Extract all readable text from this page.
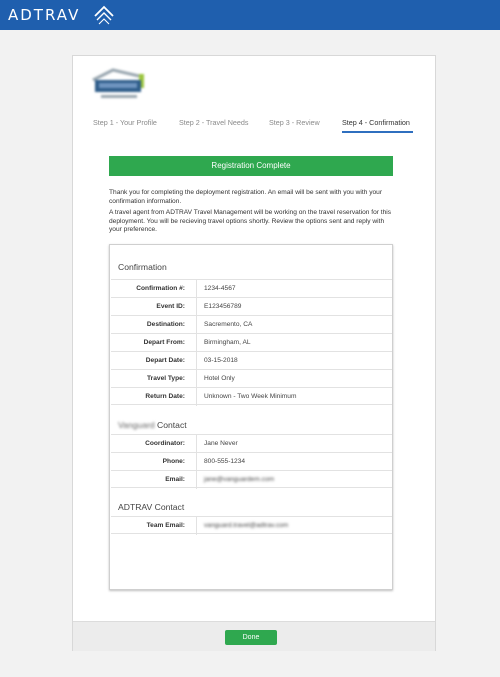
ADTRAV
Step 1 - Your Profile	Step 2 - Travel Needs	Step 3 - Review	Step 4 - Confirmation
Registration Complete

Thank you for completing the deployment registration. An email will be sent with you with your confirmation information.

A travel agent from ADTRAV Travel Management will be working on the travel reservation for this deployment. You will be recieving travel options shortly. Review the options sent and reply with your preference.

Confirmation
Confirmation #:	1234-4567
Event ID:	E123456789
Destination:	Sacremento, CA
Depart From:	Birmingham, AL
Depart Date:	03-15-2018
Travel Type:	Hotel Only
Return Date:	Unknown - Two Week Minimum
Vanguard Contact
Coordinator:	Jane Never
Phone:	800-555-1234
Email:	jane@vanguardem.com
ADTRAV Contact
Team Email:	vanguard.travel@adtrav.com
Done
